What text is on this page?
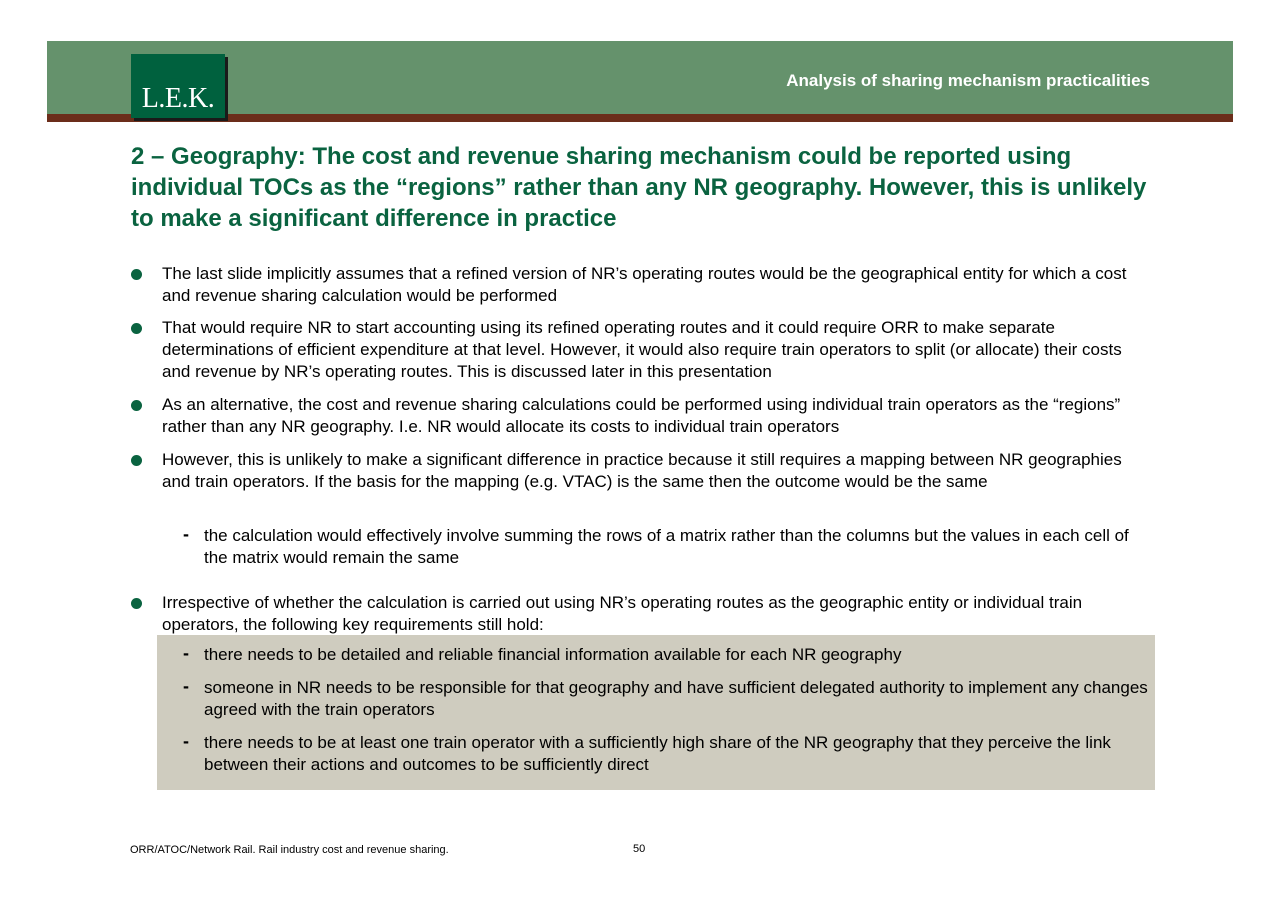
L.E.K.
Analysis of sharing mechanism practicalities
2 – Geography: The cost and revenue sharing mechanism could be reported using individual TOCs as the “regions” rather than any NR geography. However, this is unlikely to make a significant difference in practice
The last slide implicitly assumes that a refined version of NR’s operating routes would be the geographical entity for which a cost and revenue sharing calculation would be performed
That would require NR to start accounting using its refined operating routes and it could require ORR to make separate determinations of efficient expenditure at that level. However, it would also require train operators to split (or allocate) their costs and revenue by NR’s operating routes. This is discussed later in this presentation
As an alternative, the cost and revenue sharing calculations could be performed using individual train operators as the “regions” rather than any NR geography. I.e. NR would allocate its costs to individual train operators
However, this is unlikely to make a significant difference in practice because it still requires a mapping between NR geographies and train operators. If the basis for the mapping (e.g. VTAC) is the same then the outcome would be the same
- the calculation would effectively involve summing the rows of a matrix rather than the columns but the values in each cell of the matrix would remain the same
Irrespective of whether the calculation is carried out using NR’s operating routes as the geographic entity or individual train operators, the following key requirements still hold:
- there needs to be detailed and reliable financial information available for each NR geography
- someone in NR needs to be responsible for that geography and have sufficient delegated authority to implement any changes agreed with the train operators
- there needs to be at least one train operator with a sufficiently high share of the NR geography that they perceive the link between their actions and outcomes to be sufficiently direct
ORR/ATOC/Network Rail. Rail industry cost and revenue sharing.	50
